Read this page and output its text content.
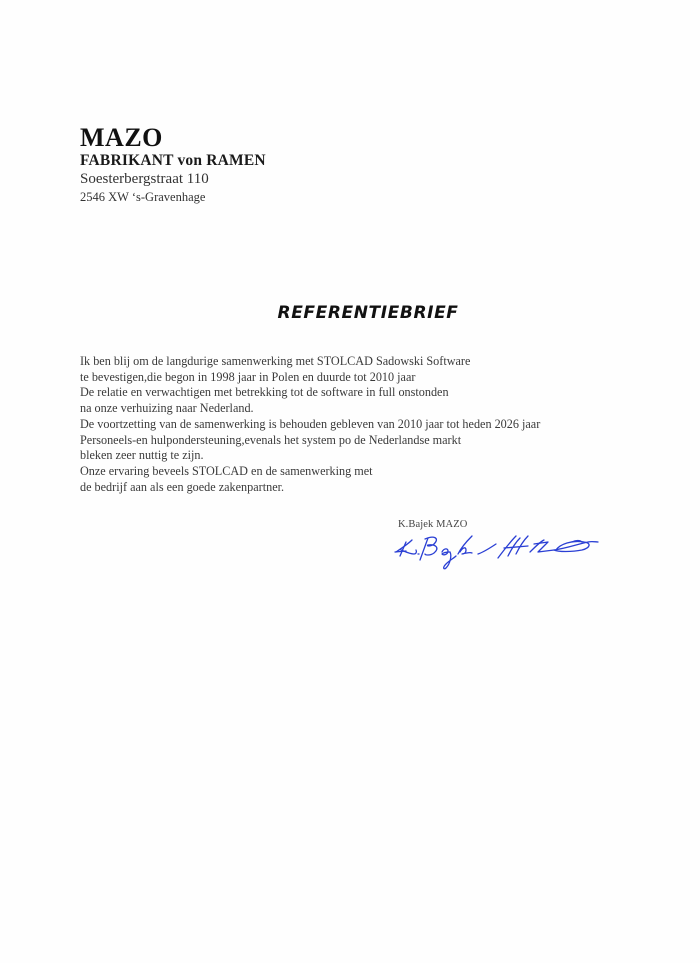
MAZO
FABRIKANT von RAMEN
Soesterbergstraat 110
2546 XW ‘s-Gravenhage
REFERENTIEBRIEF
Ik ben blij om de langdurige samenwerking met STOLCAD Sadowski Software
te bevestigen,die begon in 1998 jaar in Polen en duurde tot 2010 jaar
De relatie en verwachtigen met betrekking tot de software in full onstonden
na onze verhuizing naar Nederland.
De voortzetting van de samenwerking is behouden gebleven van 2010 jaar tot heden 2026 jaar
Personeels-en hulpondersteuning,evenals het system po de Nederlandse markt
bleken zeer nuttig te zijn.
Onze ervaring beveels STOLCAD en de samenwerking met
de bedrijf aan als een goede zakenpartner.
K.Bajek MAZO
